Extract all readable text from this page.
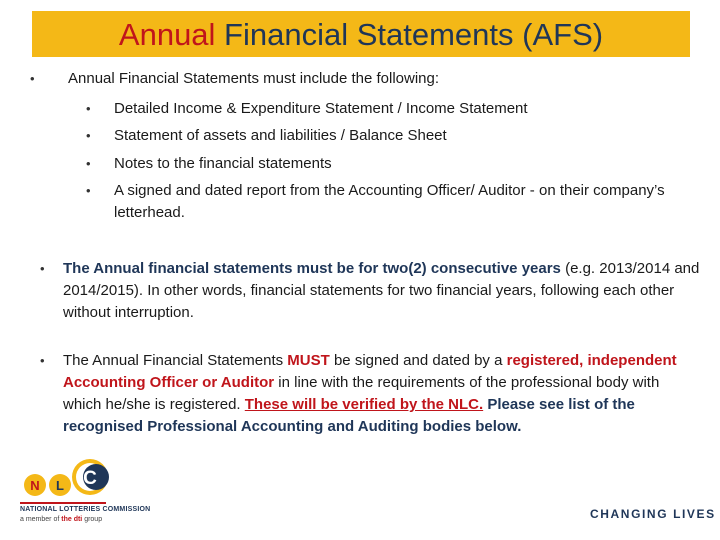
Annual Financial Statements (AFS)
• Annual Financial Statements must include the following:
• Detailed Income & Expenditure Statement / Income Statement
• Statement of assets and liabilities / Balance Sheet
• Notes to the financial statements
• A signed and dated report from the Accounting Officer/ Auditor - on their company’s letterhead.
• The Annual financial statements must be for two(2) consecutive years (e.g. 2013/2014 and 2014/2015). In other words, financial statements for two financial years, following each other without interruption.
• The Annual Financial Statements MUST be signed and dated by a registered, independent Accounting Officer or Auditor in line with the requirements of the professional body with which he/she is registered. These will be verified by the NLC. Please see list of the recognised Professional Accounting and Auditing bodies below.
N L C
NATIONAL LOTTERIES COMMISSION
a member of the dti group	CHANGING LIVES
